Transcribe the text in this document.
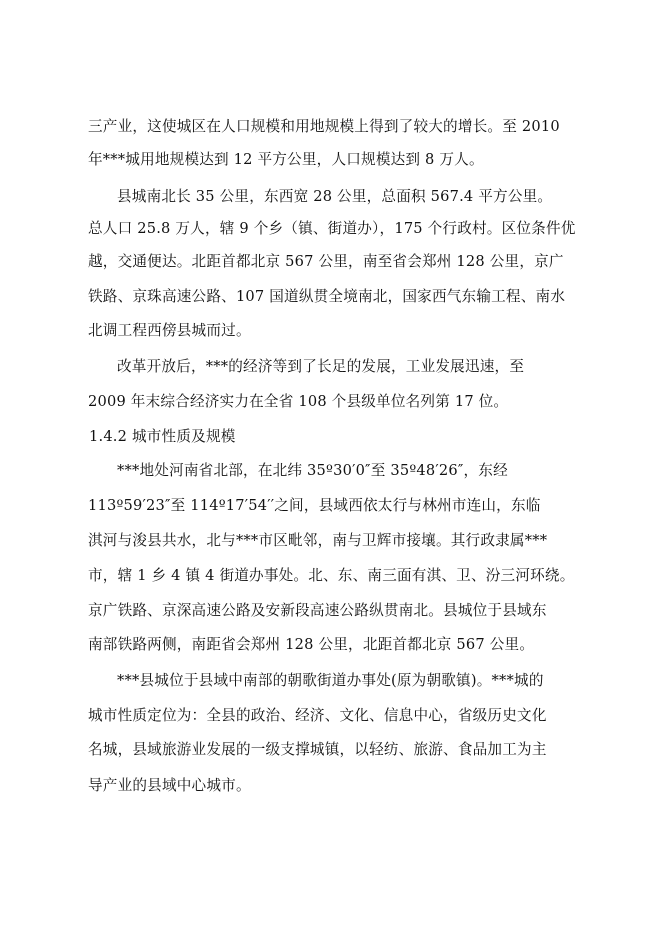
三产业，这使城区在人口规模和用地规模上得到了较大的增长。至 2010
年***城用地规模达到 12 平方公里，人口规模达到 8 万人。
县城南北长 35 公里，东西宽 28 公里，总面积 567.4 平方公里。
总人口 25.8 万人，辖 9 个乡（镇、街道办），175 个行政村。区位条件优
越，交通便达。北距首都北京 567 公里，南至省会郑州 128 公里，京广
铁路、京珠高速公路、107 国道纵贯全境南北，国家西气东输工程、南水
北调工程西傍县城而过。
改革开放后，***的经济等到了长足的发展，工业发展迅速，至
2009 年末综合经济实力在全省 108 个县级单位名列第 17 位。
1.4.2 城市性质及规模
***地处河南省北部，在北纬 35º30′0″至 35º48′26″，东经
113º59′23″至 114º17′54′′之间，县域西依太行与林州市连山，东临
淇河与浚县共水，北与***市区毗邻，南与卫辉市接壤。其行政隶属***
市，辖 1 乡 4 镇 4 街道办事处。北、东、南三面有淇、卫、汾三河环绕。
京广铁路、京深高速公路及安新段高速公路纵贯南北。县城位于县域东
南部铁路两侧，南距省会郑州 128 公里，北距首都北京 567 公里。
***县城位于县域中南部的朝歌街道办事处(原为朝歌镇)。***城的
城市性质定位为：全县的政治、经济、文化、信息中心，省级历史文化
名城，县域旅游业发展的一级支撑城镇，以轻纺、旅游、食品加工为主
导产业的县域中心城市。
